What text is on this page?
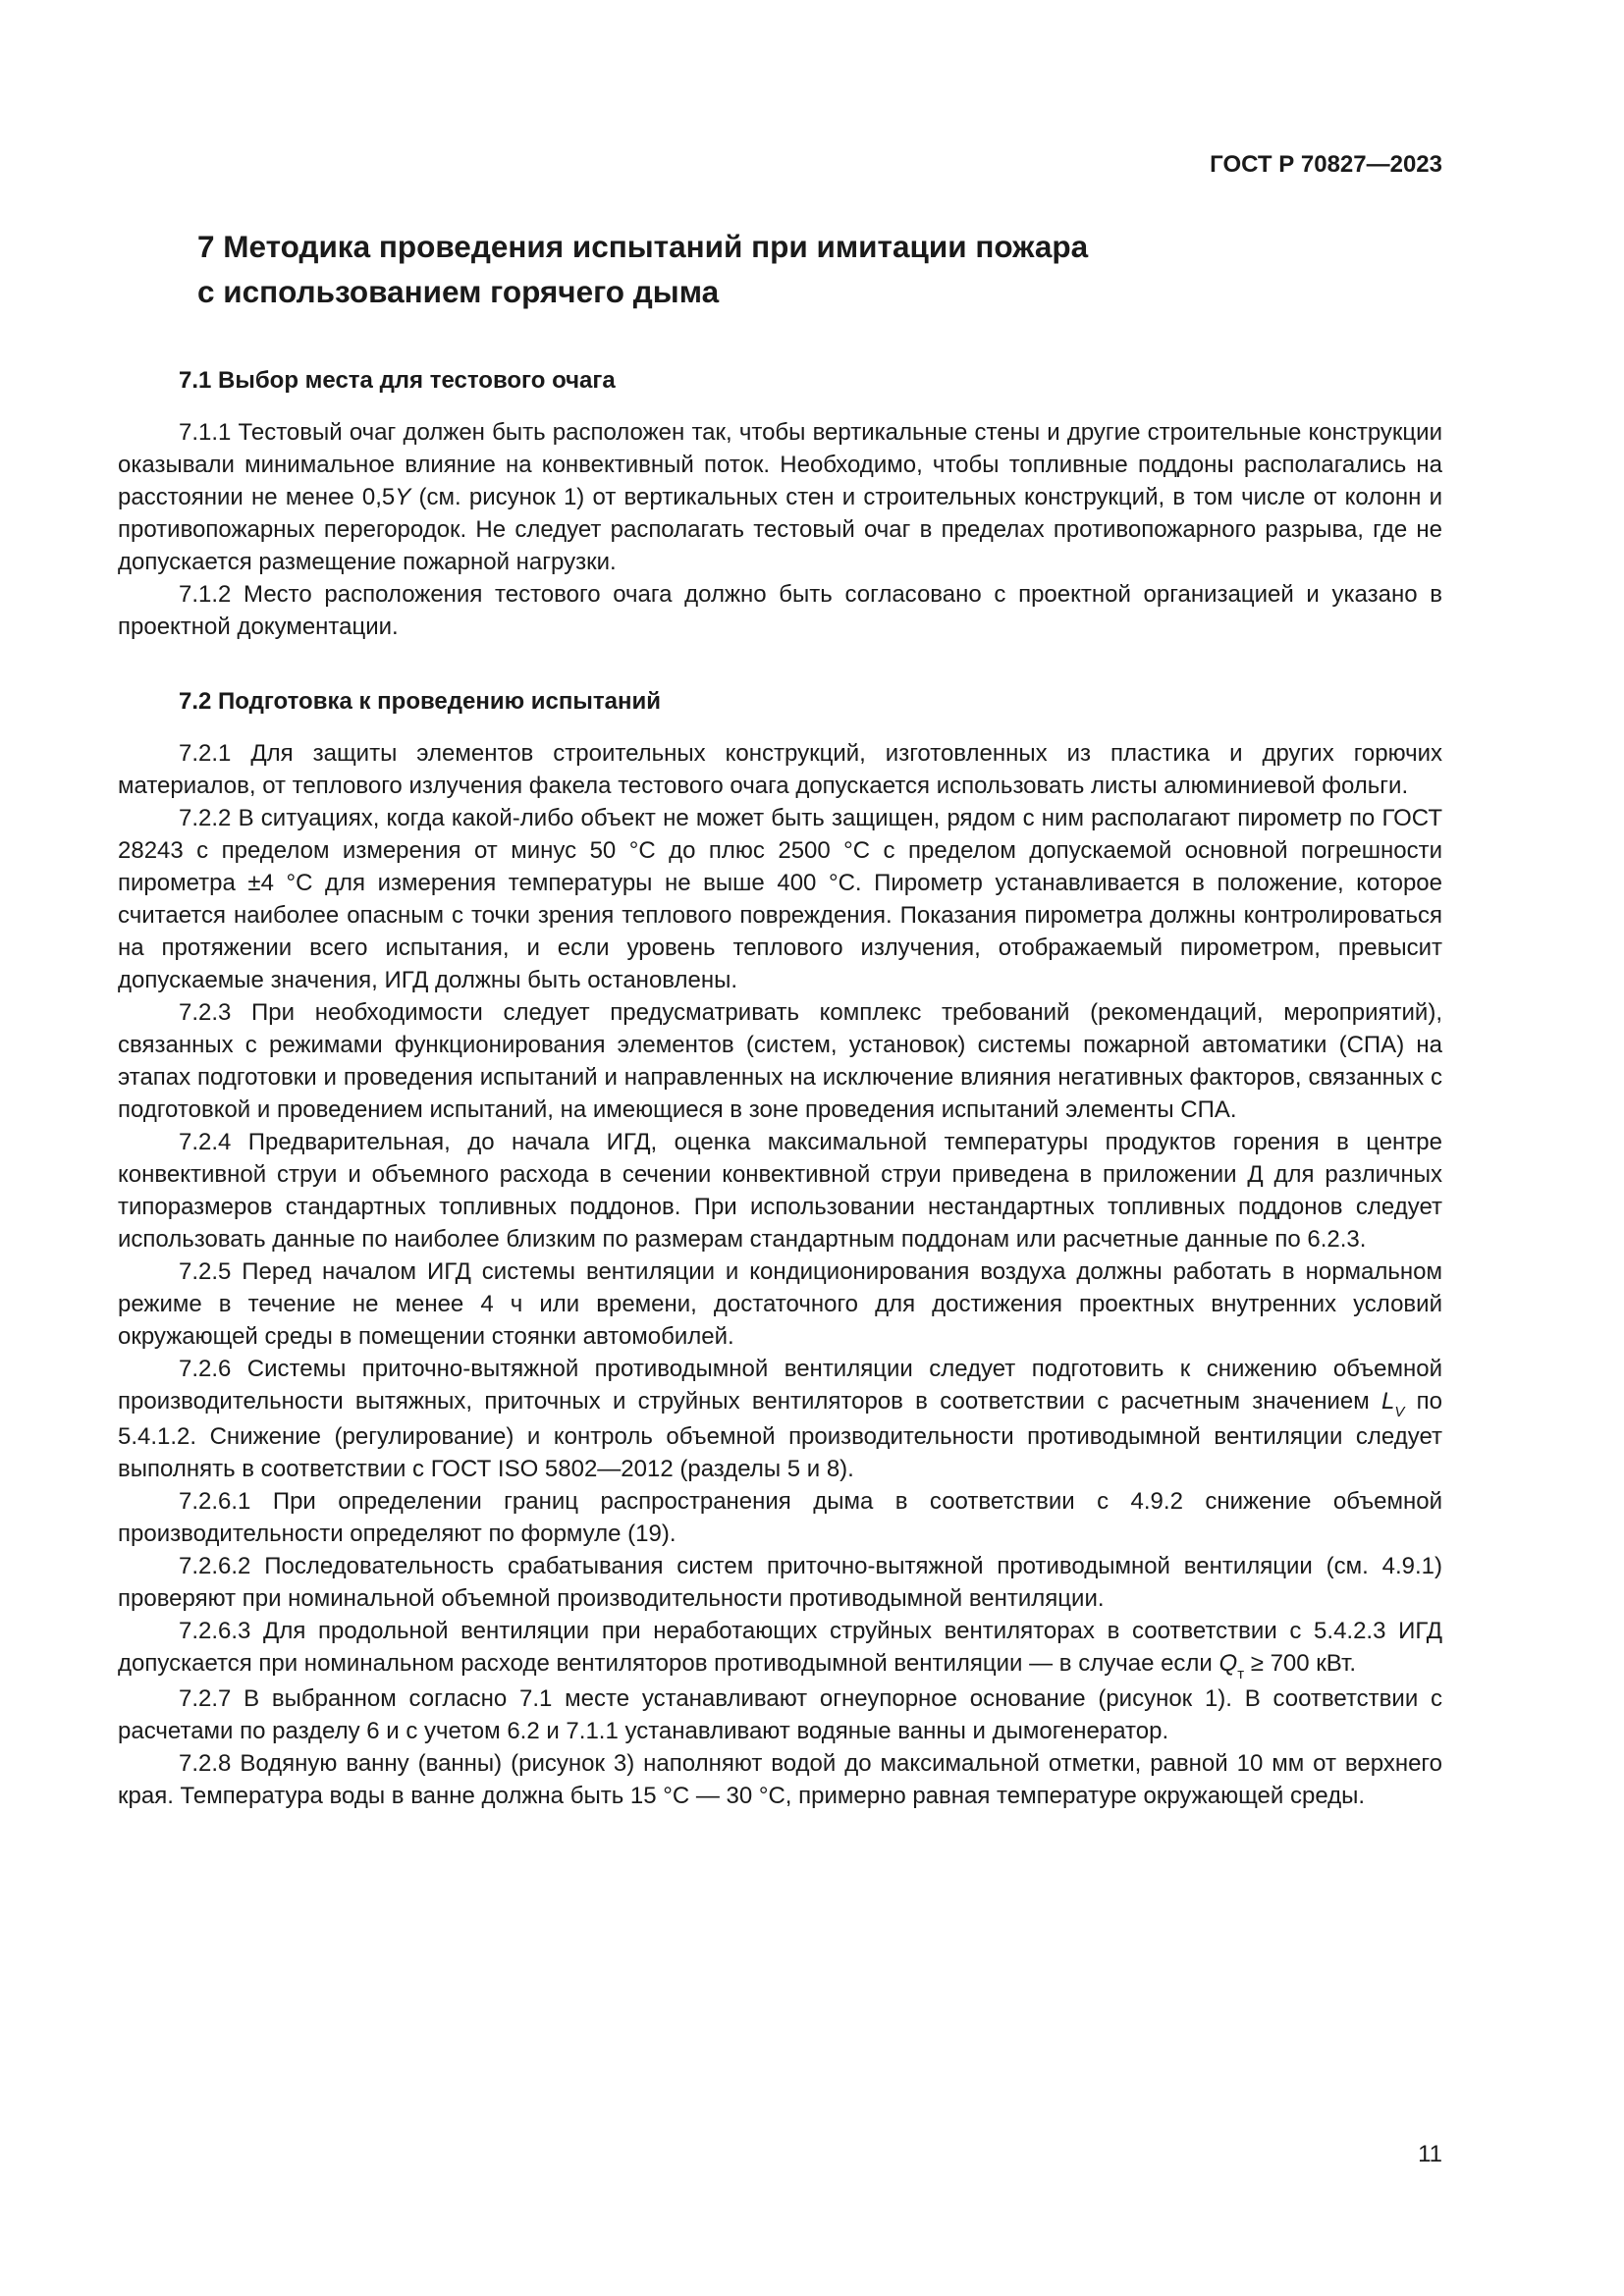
ГОСТ Р 70827—2023
7 Методика проведения испытаний при имитации пожара
с использованием горячего дыма
7.1 Выбор места для тестового очага

7.1.1 Тестовый очаг должен быть расположен так, чтобы вертикальные стены и другие строительные конструкции оказывали минимальное влияние на конвективный поток. Необходимо, чтобы топливные поддоны располагались на расстоянии не менее 0,5Y (см. рисунок 1) от вертикальных стен и строительных конструкций, в том числе от колонн и противопожарных перегородок. Не следует располагать тестовый очаг в пределах противопожарного разрыва, где не допускается размещение пожарной нагрузки.

7.1.2 Место расположения тестового очага должно быть согласовано с проектной организацией и указано в проектной документации.

7.2 Подготовка к проведению испытаний

7.2.1 Для защиты элементов строительных конструкций, изготовленных из пластика и других горючих материалов, от теплового излучения факела тестового очага допускается использовать листы алюминиевой фольги.

7.2.2 В ситуациях, когда какой-либо объект не может быть защищен, рядом с ним располагают пирометр по ГОСТ 28243 с пределом измерения от минус 50 °C до плюс 2500 °C с пределом допускаемой основной погрешности пирометра ±4 °C для измерения температуры не выше 400 °C. Пирометр устанавливается в положение, которое считается наиболее опасным с точки зрения теплового повреждения. Показания пирометра должны контролироваться на протяжении всего испытания, и если уровень теплового излучения, отображаемый пирометром, превысит допускаемые значения, ИГД должны быть остановлены.

7.2.3 При необходимости следует предусматривать комплекс требований (рекомендаций, мероприятий), связанных с режимами функционирования элементов (систем, установок) системы пожарной автоматики (СПА) на этапах подготовки и проведения испытаний и направленных на исключение влияния негативных факторов, связанных с подготовкой и проведением испытаний, на имеющиеся в зоне проведения испытаний элементы СПА.

7.2.4 Предварительная, до начала ИГД, оценка максимальной температуры продуктов горения в центре конвективной струи и объемного расхода в сечении конвективной струи приведена в приложении Д для различных типоразмеров стандартных топливных поддонов. При использовании нестандартных топливных поддонов следует использовать данные по наиболее близким по размерам стандартным поддонам или расчетные данные по 6.2.3.

7.2.5 Перед началом ИГД системы вентиляции и кондиционирования воздуха должны работать в нормальном режиме в течение не менее 4 ч или времени, достаточного для достижения проектных внутренних условий окружающей среды в помещении стоянки автомобилей.

7.2.6 Системы приточно-вытяжной противодымной вентиляции следует подготовить к снижению объемной производительности вытяжных, приточных и струйных вентиляторов в соответствии с расчетным значением $L_V$ по 5.4.1.2. Снижение (регулирование) и контроль объемной производительности противодымной вентиляции следует выполнять в соответствии с ГОСТ ISO 5802—2012 (разделы 5 и 8).

7.2.6.1 При определении границ распространения дыма в соответствии с 4.9.2 снижение объемной производительности определяют по формуле (19).

7.2.6.2 Последовательность срабатывания систем приточно-вытяжной противодымной вентиляции (см. 4.9.1) проверяют при номинальной объемной производительности противодымной вентиляции.

7.2.6.3 Для продольной вентиляции при неработающих струйных вентиляторах в соответствии с 5.4.2.3 ИГД допускается при номинальном расходе вентиляторов противодымной вентиляции — в случае если $Q_т \ge 700$ кВт.

7.2.7 В выбранном согласно 7.1 месте устанавливают огнеупорное основание (рисунок 1). В соответствии с расчетами по разделу 6 и с учетом 6.2 и 7.1.1 устанавливают водяные ванны и дымогенератор.

7.2.8 Водяную ванну (ванны) (рисунок 3) наполняют водой до максимальной отметки, равной 10 мм от верхнего края. Температура воды в ванне должна быть 15 °C — 30 °C, примерно равная температуре окружающей среды.

11
